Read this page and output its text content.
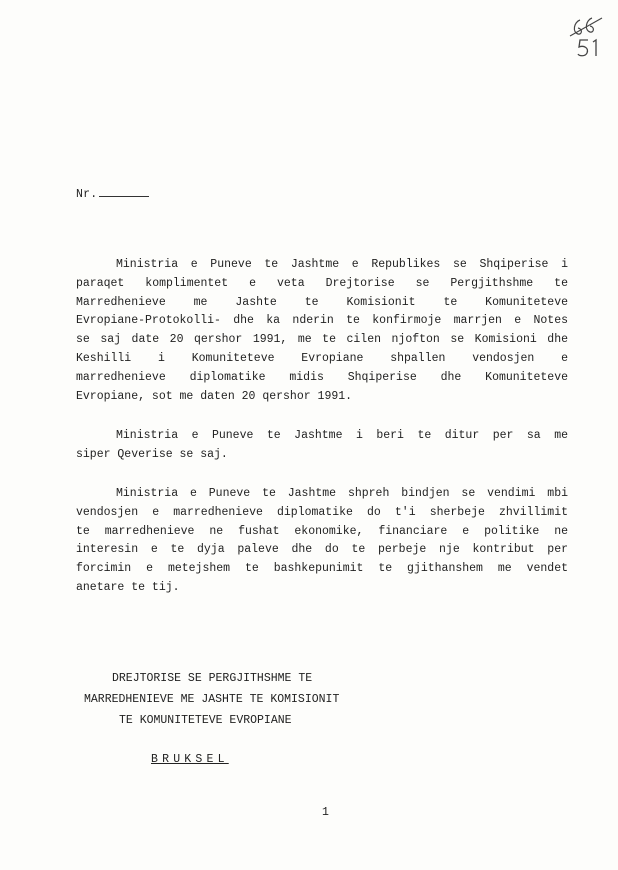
Nr.
Ministria e Puneve te Jashtme e Republikes se Shqiperise i
paraqet komplimentet e veta Drejtorise se Pergjithshme te
Marredhenieve me Jashte te Komisionit te Komuniteteve
Evropiane-Protokolli- dhe ka nderin te konfirmoje marrjen e Notes
se saj date 20 qershor 1991, me te cilen njofton se Komisioni dhe
Keshilli i Komuniteteve Evropiane shpallen vendosjen e
marredhenieve diplomatike midis Shqiperise dhe Komuniteteve
Evropiane, sot me daten 20 qershor 1991.
Ministria e Puneve te Jashtme i beri te ditur per sa me
siper Qeverise se saj.
Ministria e Puneve te Jashtme shpreh bindjen se vendimi mbi
vendosjen e marredhenieve diplomatike do t'i sherbeje zhvillimit
te marredhenieve ne fushat ekonomike, financiare e politike ne
interesin e te dyja paleve dhe do te perbeje nje kontribut per
forcimin e metejshem te bashkepunimit te gjithanshem me vendet
anetare te tij.
DREJTORISE SE PERGJITHSHME TE
MARREDHENIEVE ME JASHTE TE KOMISIONIT
TE KOMUNITETEVE EVROPIANE
BRUKSEL
1
